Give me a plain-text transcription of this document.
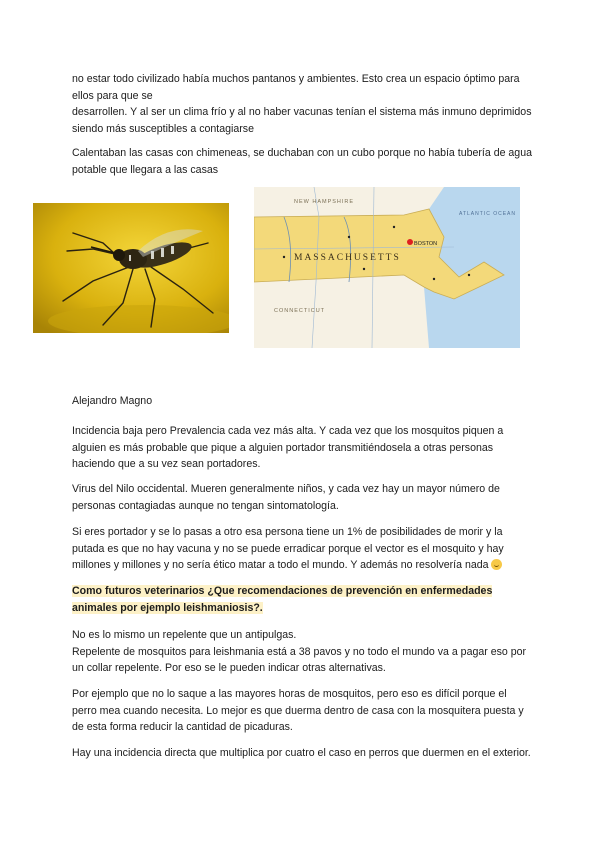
no estar todo civilizado había muchos pantanos y ambientes. Esto crea un espacio óptimo para ellos para que se
desarrollen. Y al ser un clima frío y al no haber vacunas tenían el sistema más inmuno deprimidos siendo más susceptibles a contagiarse

Calentaban las casas con chimeneas, se duchaban con un cubo porque no había tubería de agua potable que llegara a las casas

BOSTON
MASSACHUSETTS
NEW HAMPSHIRE
ATLANTIC OCEAN
CONNECTICUT

Alejandro Magno

Incidencia baja pero Prevalencia cada vez más alta. Y cada vez que los mosquitos piquen a alguien es más probable que pique a alguien portador transmitiéndosela a otras personas haciendo que a su vez sean portadores.

Virus del Nilo occidental. Mueren generalmente niños, y cada vez hay un mayor número de personas contagiadas aunque no tengan sintomatología.

Si eres portador y se lo pasas a otro esa persona tiene un 1% de posibilidades de morir y la putada es que no hay vacuna y no se puede erradicar porque el vector es el mosquito y hay millones y millones y no sería ético matar a todo el mundo. Y además no resolvería nada

Como futuros veterinarios ¿Que recomendaciones de prevención en enfermedades animales por ejemplo leishmaniosis?.

No es lo mismo un repelente que un antipulgas.
Repelente de mosquitos para leishmania está a 38 pavos y no todo el mundo va a pagar eso por un collar repelente. Por eso se le pueden indicar otras alternativas.

Por ejemplo que no lo saque a las mayores horas de mosquitos, pero eso es difícil porque el perro mea cuando necesita. Lo mejor es que duerma dentro de casa con la mosquitera puesta y de esta forma reducir la cantidad de picaduras.

Hay una incidencia directa que multiplica por cuatro el caso en perros que duermen en el exterior.
